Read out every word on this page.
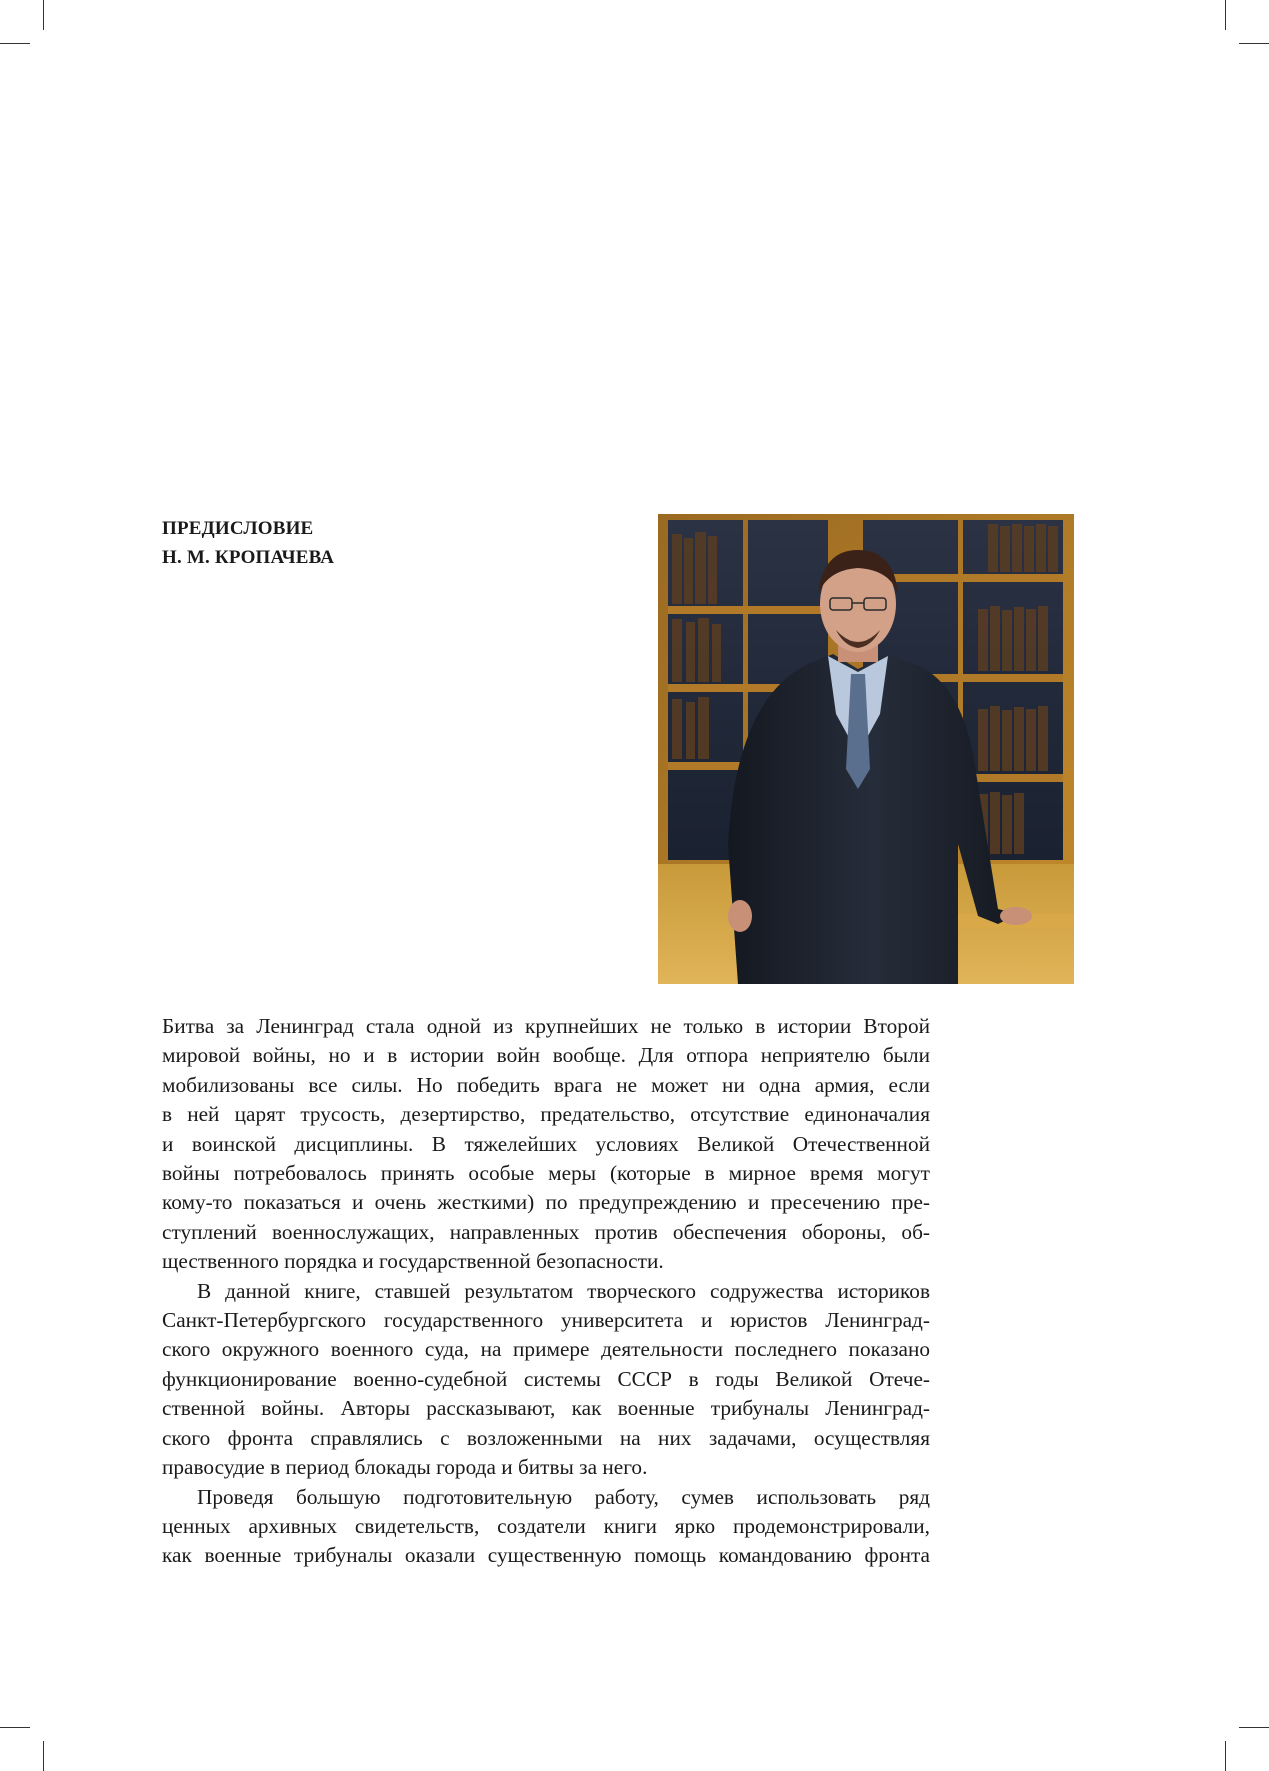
ПРЕДИСЛОВИЕ
Н. М. КРОПАЧЕВА

Битва за Ленинград стала одной из крупнейших не только в истории Второй
мировой войны, но и в истории войн вообще. Для отпора неприятелю были
мобилизованы все силы. Но победить врага не может ни одна армия, если
в ней царят трусость, дезертирство, предательство, отсутствие единоначалия
и воинской дисциплины. В тяжелейших условиях Великой Отечественной
войны потребовалось принять особые меры (которые в мирное время могут
кому-то показаться и очень жесткими) по предупреждению и пресечению пре-
ступлений военнослужащих, направленных против обеспечения обороны, об-
щественного порядка и государственной безопасности.

В данной книге, ставшей результатом творческого содружества историков
Санкт-Петербургского государственного университета и юристов Ленинград-
ского окружного военного суда, на примере деятельности последнего показано
функционирование военно-судебной системы СССР в годы Великой Отече-
ственной войны. Авторы рассказывают, как военные трибуналы Ленинград-
ского фронта справлялись с возложенными на них задачами, осуществляя
правосудие в период блокады города и битвы за него.

Проведя большую подготовительную работу, сумев использовать ряд
ценных архивных свидетельств, создатели книги ярко продемонстрировали,
как военные трибуналы оказали существенную помощь командованию фронта
